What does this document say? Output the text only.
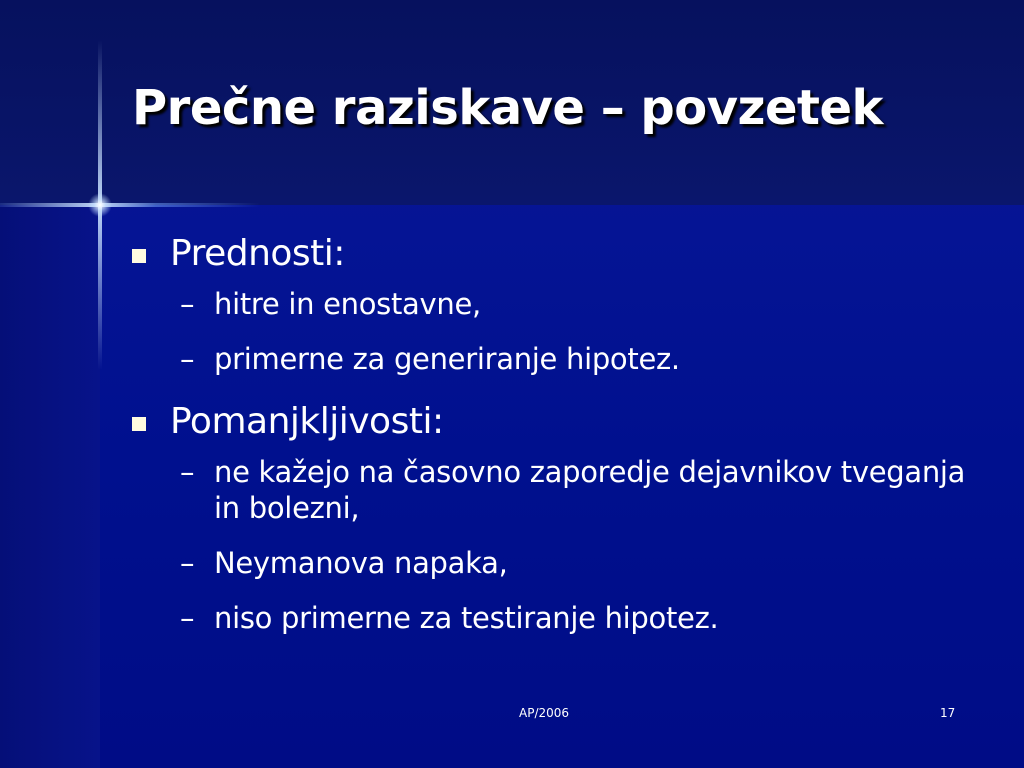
Prečne raziskave – povzetek
Prednosti:
– hitre in enostavne,
– primerne za generiranje hipotez.
Pomanjkljivosti:
– ne kažejo na časovno zaporedje dejavnikov tveganja in bolezni,
– Neymanova napaka,
– niso primerne za testiranje hipotez.
AP/2006	17
